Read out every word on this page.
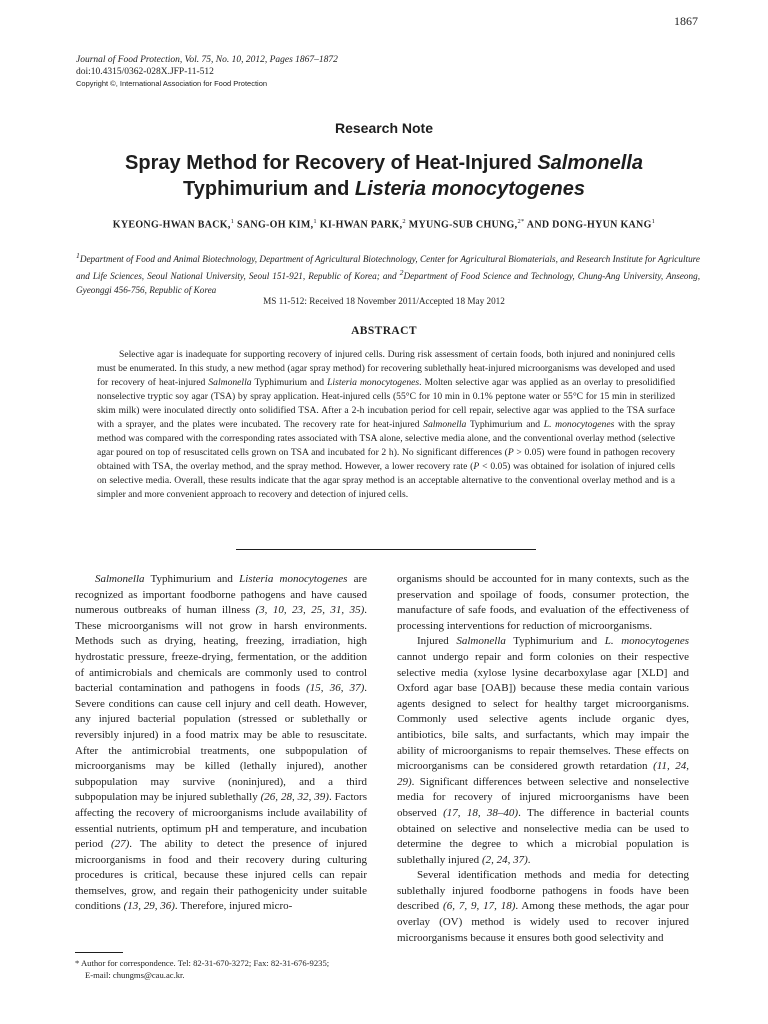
1867
Journal of Food Protection, Vol. 75, No. 10, 2012, Pages 1867–1872
doi:10.4315/0362-028X.JFP-11-512
Copyright ©, International Association for Food Protection
Research Note
Spray Method for Recovery of Heat-Injured Salmonella
Typhimurium and Listeria monocytogenes
KYEONG-HWAN BACK,$^1$ SANG-OH KIM,$^1$ KI-HWAN PARK,$^2$ MYUNG-SUB CHUNG,$^{2*}$ AND DONG-HYUN KANG$^1$
$^1$Department of Food and Animal Biotechnology, Department of Agricultural Biotechnology, Center for Agricultural Biomaterials, and Research Institute for Agriculture and Life Sciences, Seoul National University, Seoul 151-921, Republic of Korea; and $^2$Department of Food Science and Technology, Chung-Ang University, Anseong, Gyeonggi 456-756, Republic of Korea
MS 11-512: Received 18 November 2011/Accepted 18 May 2012
ABSTRACT

Selective agar is inadequate for supporting recovery of injured cells. During risk assessment of certain foods, both injured and noninjured cells must be enumerated. In this study, a new method (agar spray method) for recovering sublethally heat-injured microorganisms was developed and used for recovery of heat-injured Salmonella Typhimurium and Listeria monocytogenes. Molten selective agar was applied as an overlay to presolidified nonselective tryptic soy agar (TSA) by spray application. Heat-injured cells (55°C for 10 min in 0.1% peptone water or 55°C for 15 min in sterilized skim milk) were inoculated directly onto solidified TSA. After a 2-h incubation period for cell repair, selective agar was applied to the TSA surface with a sprayer, and the plates were incubated. The recovery rate for heat-injured Salmonella Typhimurium and L. monocytogenes with the spray method was compared with the corresponding rates associated with TSA alone, selective media alone, and the conventional overlay method (selective agar poured on top of resuscitated cells grown on TSA and incubated for 2 h). No significant differences (P > 0.05) were found in pathogen recovery obtained with TSA, the overlay method, and the spray method. However, a lower recovery rate (P < 0.05) was obtained for isolation of injured cells on selective media. Overall, these results indicate that the agar spray method is an acceptable alternative to the conventional overlay method and is a simpler and more convenient approach to recovery and detection of injured cells.

Salmonella Typhimurium and Listeria monocytogenes are recognized as important foodborne pathogens and have caused numerous outbreaks of human illness (3, 10, 23, 25, 31, 35). These microorganisms will not grow in harsh environments. Methods such as drying, heating, freezing, irradiation, high hydrostatic pressure, freeze-drying, fermentation, or the addition of antimicrobials and chemicals are commonly used to control bacterial contamination and pathogens in foods (15, 36, 37). Severe conditions can cause cell injury and cell death. However, any injured bacterial population (stressed or sublethally or reversibly injured) in a food matrix may be able to resuscitate. After the antimicrobial treatments, one subpopulation of microorganisms may be killed (lethally injured), another subpopulation may survive (noninjured), and a third subpopulation may be injured sublethally (26, 28, 32, 39). Factors affecting the recovery of microorganisms include availability of essential nutrients, optimum pH and temperature, and incubation period (27). The ability to detect the presence of injured microorganisms in food and their recovery during culturing procedures is critical, because these injured cells can repair themselves, grow, and regain their pathogenicity under suitable conditions (13, 29, 36). Therefore, injured micro-

organisms should be accounted for in many contexts, such as the preservation and spoilage of foods, consumer protection, the manufacture of safe foods, and evaluation of the effectiveness of processing interventions for reduction of microorganisms.

Injured Salmonella Typhimurium and L. monocytogenes cannot undergo repair and form colonies on their respective selective media (xylose lysine decarboxylase agar [XLD] and Oxford agar base [OAB]) because these media contain various agents designed to select for healthy target microorganisms. Commonly used selective agents include organic dyes, antibiotics, bile salts, and surfactants, which may impair the ability of microorganisms to repair themselves. These effects on microorganisms can be considered growth retardation (11, 24, 29). Significant differences between selective and nonselective media for recovery of injured microorganisms have been observed (17, 18, 38–40). The difference in bacterial counts obtained on selective and nonselective media can be used to determine the degree to which a microbial population is sublethally injured (2, 24, 37).

Several identification methods and media for detecting sublethally injured foodborne pathogens in foods have been described (6, 7, 9, 17, 18). Among these methods, the agar pour overlay (OV) method is widely used to recover injured microorganisms because it ensures both good selectivity and

* Author for correspondence. Tel: 82-31-670-3272; Fax: 82-31-676-9235;
E-mail: chungms@cau.ac.kr.
